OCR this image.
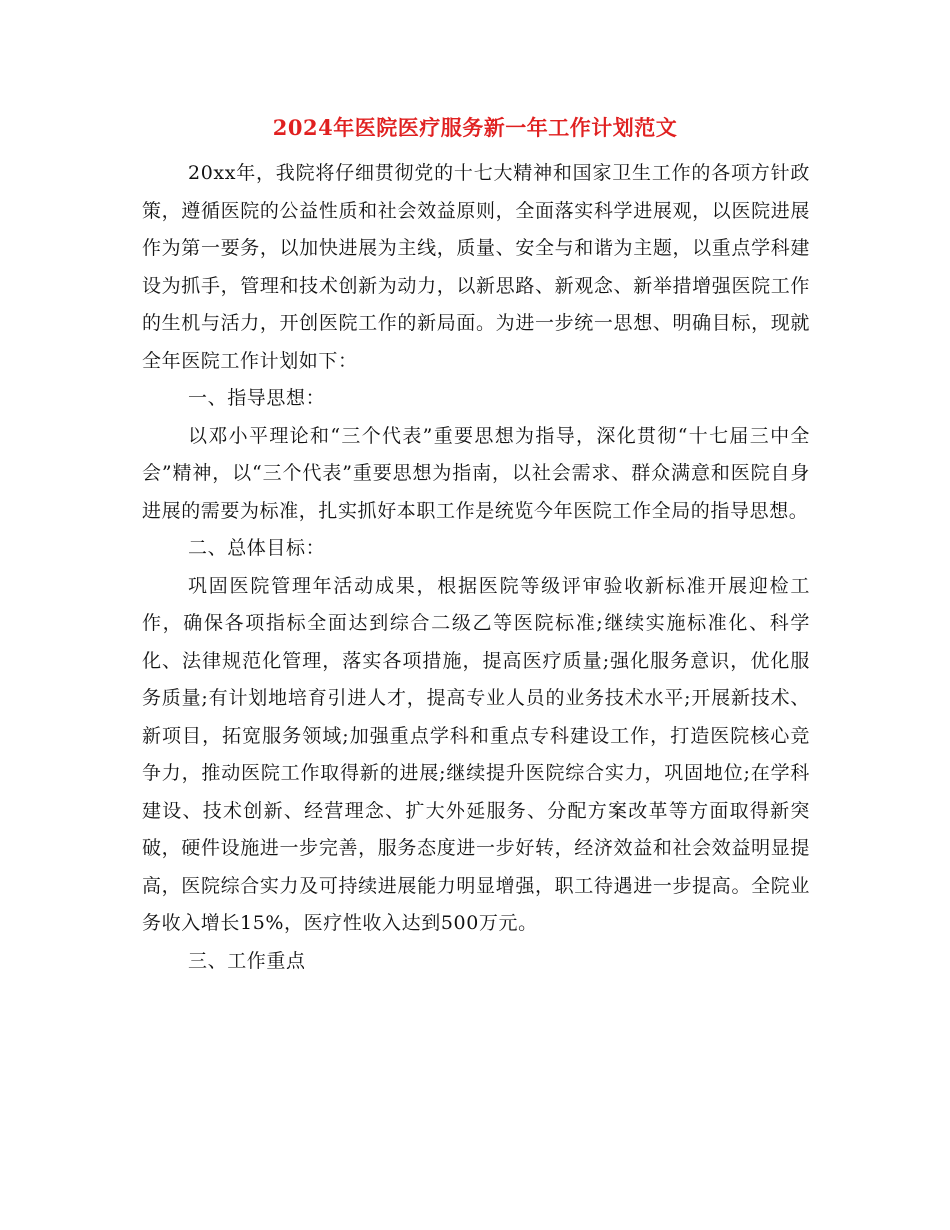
2024年医院医疗服务新一年工作计划范文

20xx年，我院将仔细贯彻党的十七大精神和国家卫生工作的各项方针政策，遵循医院的公益性质和社会效益原则，全面落实科学进展观，以医院进展作为第一要务，以加快进展为主线，质量、安全与和谐为主题，以重点学科建设为抓手，管理和技术创新为动力，以新思路、新观念、新举措增强医院工作的生机与活力，开创医院工作的新局面。为进一步统一思想、明确目标，现就全年医院工作计划如下：

一、指导思想：

以邓小平理论和“三个代表”重要思想为指导，深化贯彻“十七届三中全会”精神，以“三个代表”重要思想为指南，以社会需求、群众满意和医院自身进展的需要为标准，扎实抓好本职工作是统览今年医院工作全局的指导思想。

二、总体目标：

巩固医院管理年活动成果，根据医院等级评审验收新标准开展迎检工作，确保各项指标全面达到综合二级乙等医院标准;继续实施标准化、科学化、法律规范化管理，落实各项措施，提高医疗质量;强化服务意识，优化服务质量;有计划地培育引进人才，提高专业人员的业务技术水平;开展新技术、新项目，拓宽服务领域;加强重点学科和重点专科建设工作，打造医院核心竞争力，推动医院工作取得新的进展;继续提升医院综合实力，巩固地位;在学科建设、技术创新、经营理念、扩大外延服务、分配方案改革等方面取得新突破，硬件设施进一步完善，服务态度进一步好转，经济效益和社会效益明显提高，医院综合实力及可持续进展能力明显增强，职工待遇进一步提高。全院业务收入增长15%，医疗性收入达到500万元。

三、工作重点
